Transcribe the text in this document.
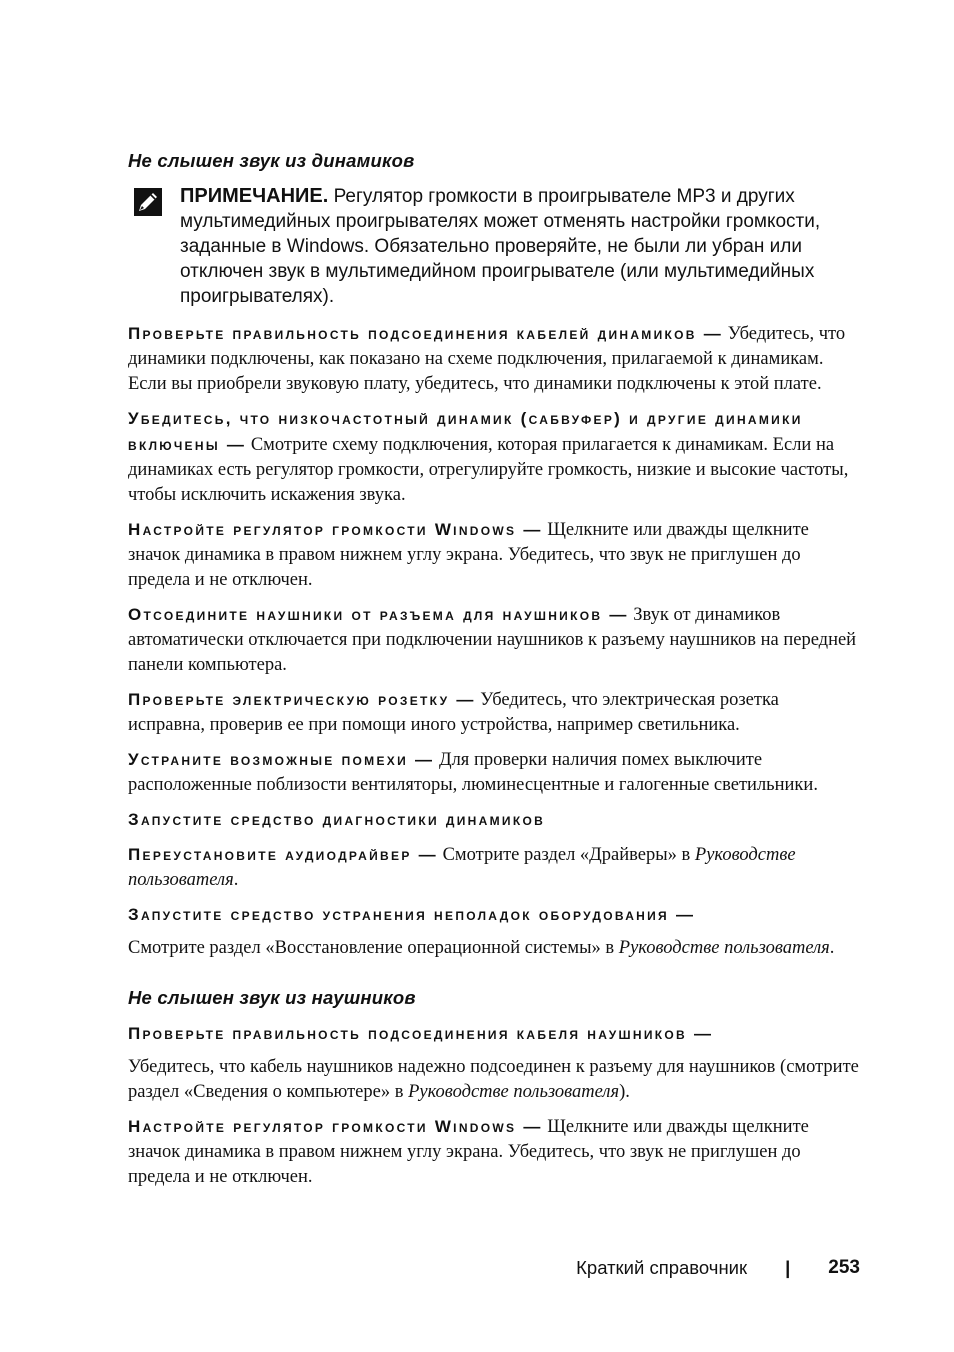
Не слышен звук из динамиков

ПРИМЕЧАНИЕ. Регулятор громкости в проигрывателе MP3 и других мультимедийных проигрывателях может отменять настройки громкости, заданные в Windows. Обязательно проверяйте, не были ли убран или отключен звук в мультимедийном проигрывателе (или мультимедийных проигрывателях).

Проверьте правильность подсоединения кабелей динамиков — Убедитесь, что динамики подключены, как показано на схеме подключения, прилагаемой к динамикам. Если вы приобрели звуковую плату, убедитесь, что динамики подключены к этой плате.

Убедитесь, что низкочастотный динамик (сабвуфер) и другие динамики включены — Смотрите схему подключения, которая прилагается к динамикам. Если на динамиках есть регулятор громкости, отрегулируйте громкость, низкие и высокие частоты, чтобы исключить искажения звука.

Настройте регулятор громкости Windows — Щелкните или дважды щелкните значок динамика в правом нижнем углу экрана. Убедитесь, что звук не приглушен до предела и не отключен.

Отсоедините наушники от разъема для наушников — Звук от динамиков автоматически отключается при подключении наушников к разъему наушников на передней панели компьютера.

Проверьте электрическую розетку — Убедитесь, что электрическая розетка исправна, проверив ее при помощи иного устройства, например светильника.

Устраните возможные помехи — Для проверки наличия помех выключите расположенные поблизости вентиляторы, люминесцентные и галогенные светильники.

Запустите средство диагностики динамиков

Переустановите аудиодрайвер — Смотрите раздел «Драйверы» в Руководстве пользователя.

Запустите средство устранения неполадок оборудования —
Смотрите раздел «Восстановление операционной системы» в Руководстве пользователя.

Не слышен звук из наушников

Проверьте правильность подсоединения кабеля наушников —
Убедитесь, что кабель наушников надежно подсоединен к разъему для наушников (смотрите раздел «Сведения о компьютере» в Руководстве пользователя).

Настройте регулятор громкости Windows — Щелкните или дважды щелкните значок динамика в правом нижнем углу экрана. Убедитесь, что звук не приглушен до предела и не отключен.

Краткий справочник | 253
